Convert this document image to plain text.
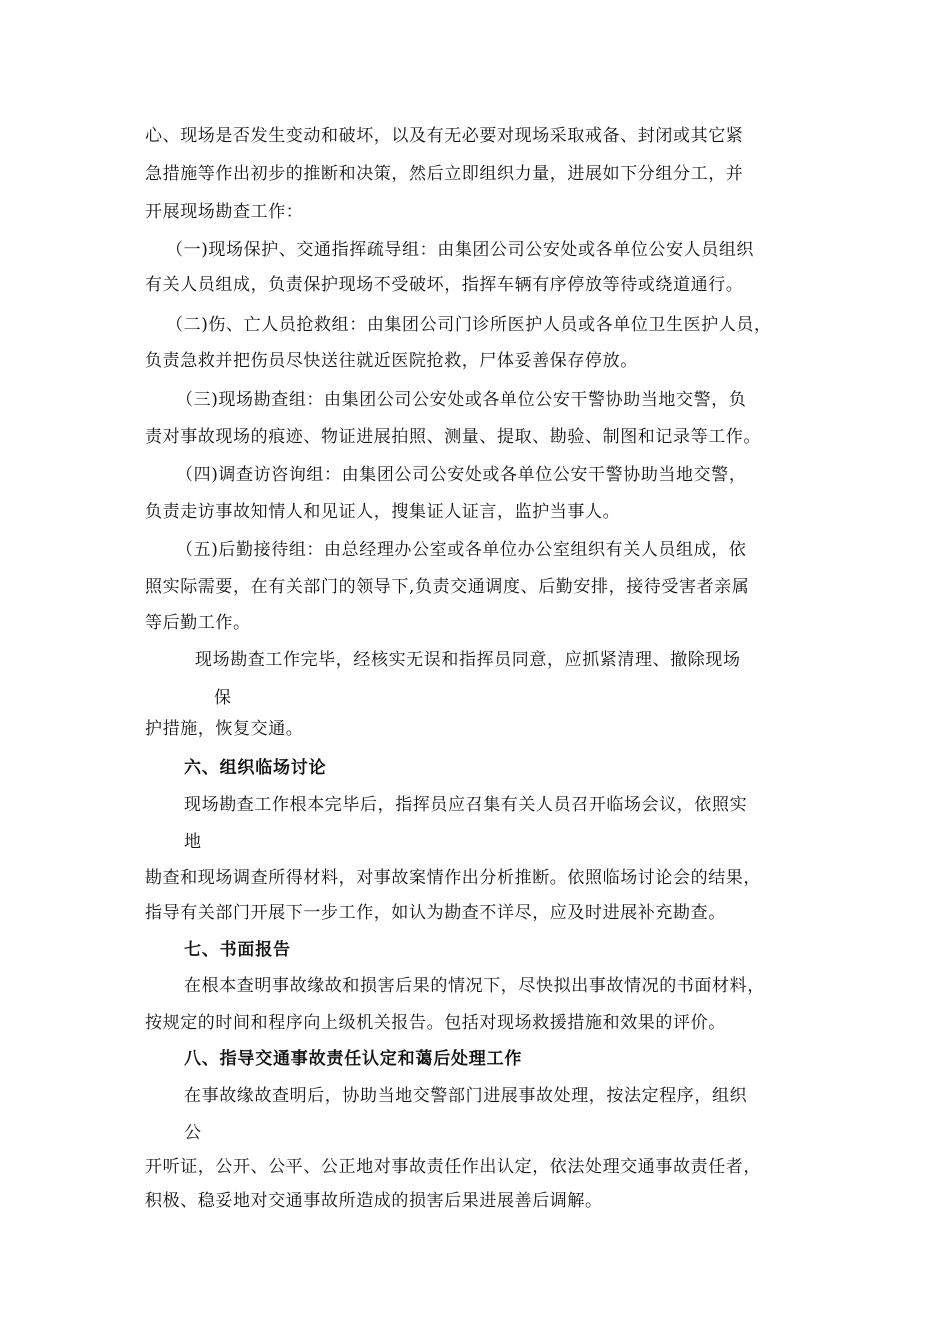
心、现场是否发生变动和破坏，以及有无必要对现场采取戒备、封闭或其它紧
急措施等作出初步的推断和决策，然后立即组织力量，进展如下分组分工，并
开展现场勘查工作：
（一)现场保护、交通指挥疏导组：由集团公司公安处或各单位公安人员组织
有关人员组成，负责保护现场不受破坏，指挥车辆有序停放等待或绕道通行。
（二)伤、亡人员抢救组：由集团公司门诊所医护人员或各单位卫生医护人员，
负责急救并把伤员尽快送往就近医院抢救，尸体妥善保存停放。
（三)现场勘查组：由集团公司公安处或各单位公安干警协助当地交警，负
责对事故现场的痕迹、物证进展拍照、测量、提取、勘验、制图和记录等工作。
（四)调查访咨询组：由集团公司公安处或各单位公安干警协助当地交警，
负责走访事故知情人和见证人，搜集证人证言，监护当事人。
（五)后勤接待组：由总经理办公室或各单位办公室组织有关人员组成，依
照实际需要，在有关部门的领导下,负责交通调度、后勤安排，接待受害者亲属
等后勤工作。
现场勘查工作完毕，经核实无误和指挥员同意，应抓紧清理、撤除现场
保
护措施，恢复交通。
六、组织临场讨论
现场勘查工作根本完毕后，指挥员应召集有关人员召开临场会议，依照实
地
勘查和现场调查所得材料，对事故案情作出分析推断。依照临场讨论会的结果，
指导有关部门开展下一步工作，如认为勘查不详尽，应及时进展补充勘查。
七、书面报告
在根本查明事故缘故和损害后果的情况下，尽快拟出事故情况的书面材料，
按规定的时间和程序向上级机关报告。包括对现场救援措施和效果的评价。
八、指导交通事故责任认定和蔼后处理工作
在事故缘故查明后，协助当地交警部门进展事故处理，按法定程序，组织
公
开听证，公开、公平、公正地对事故责任作出认定，依法处理交通事故责任者，
积极、稳妥地对交通事故所造成的损害后果进展善后调解。
